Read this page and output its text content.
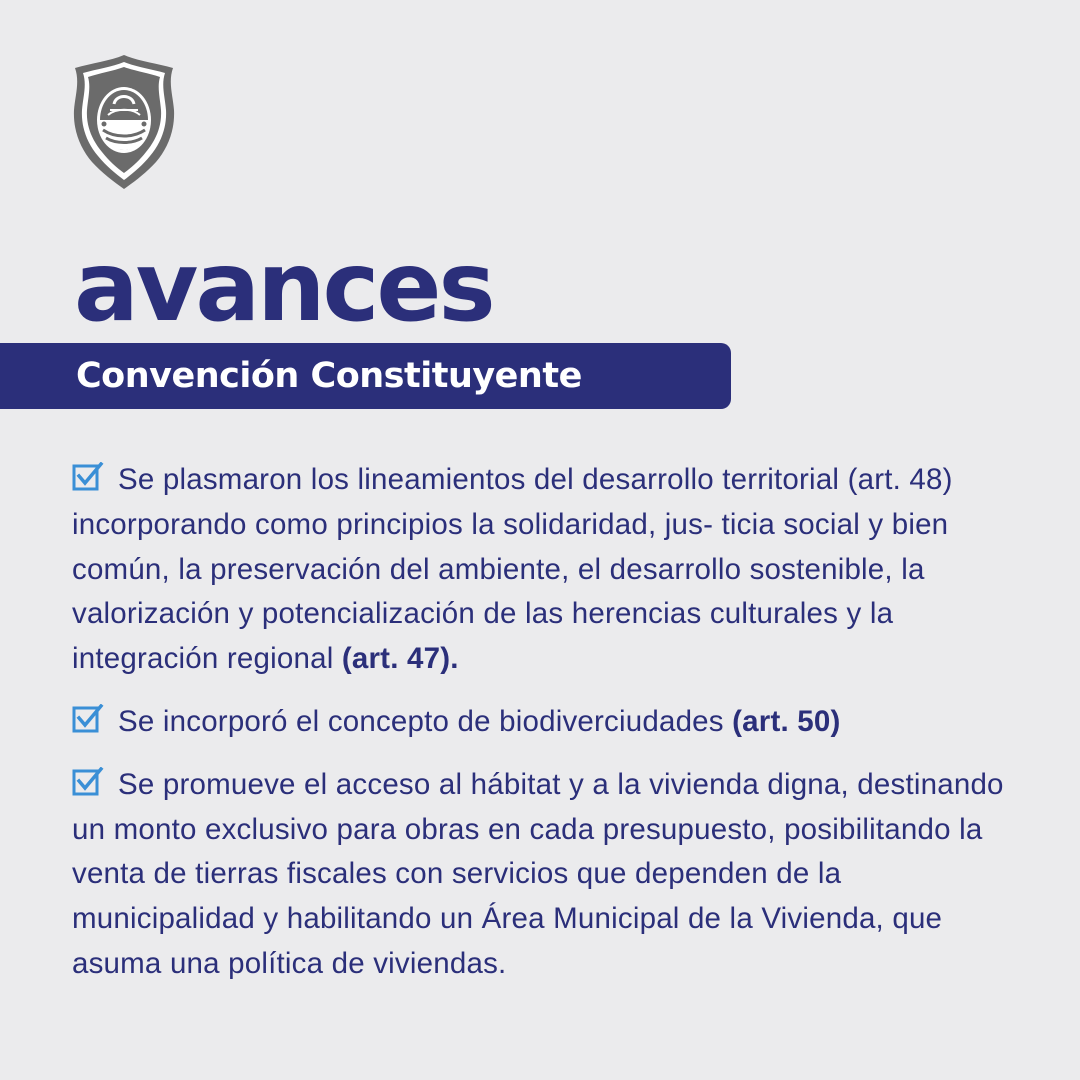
avances
Convención Constituyente
Se plasmaron los lineamientos del desarrollo territorial (art. 48) incorporando como principios la solidaridad, jus- ticia social y bien común, la preservación del ambiente, el desarrollo sostenible, la valorización y potencialización de las herencias culturales y la integración regional (art. 47).
Se incorporó el concepto de biodiverciudades (art. 50)
Se promueve el acceso al hábitat y a la vivienda digna, destinando un monto exclusivo para obras en cada presupuesto, posibilitando la venta de tierras fiscales con servicios que dependen de la municipalidad y habilitando un Área Municipal de la Vivienda, que asuma una política de viviendas.
